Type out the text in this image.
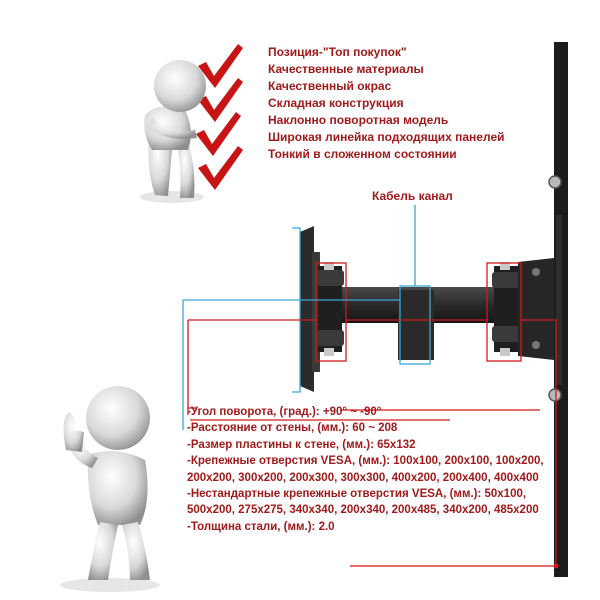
Позиция-"Топ покупок"
Качественные материалы
Качественный окрас
Складная конструкция
Наклонно поворотная модель
Широкая линейка подходящих панелей
Тонкий в сложенном состоянии
Кабель канал
-Угол поворота, (град.): +90° ~ -90°
-Расстояние от стены, (мм.): 60 ~ 208
-Размер пластины к стене, (мм.): 65x132
-Крепежные отверстия VESA, (мм.): 100x100, 200x100, 100x200, 200x200, 300x200, 200x300, 300x300, 400x200, 200x400, 400x400
-Нестандартные крепежные отверстия VESA, (мм.): 50x100, 500x200, 275x275, 340x340, 200x340, 200x485, 340x200, 485x200
-Толщина стали, (мм.): 2.0
